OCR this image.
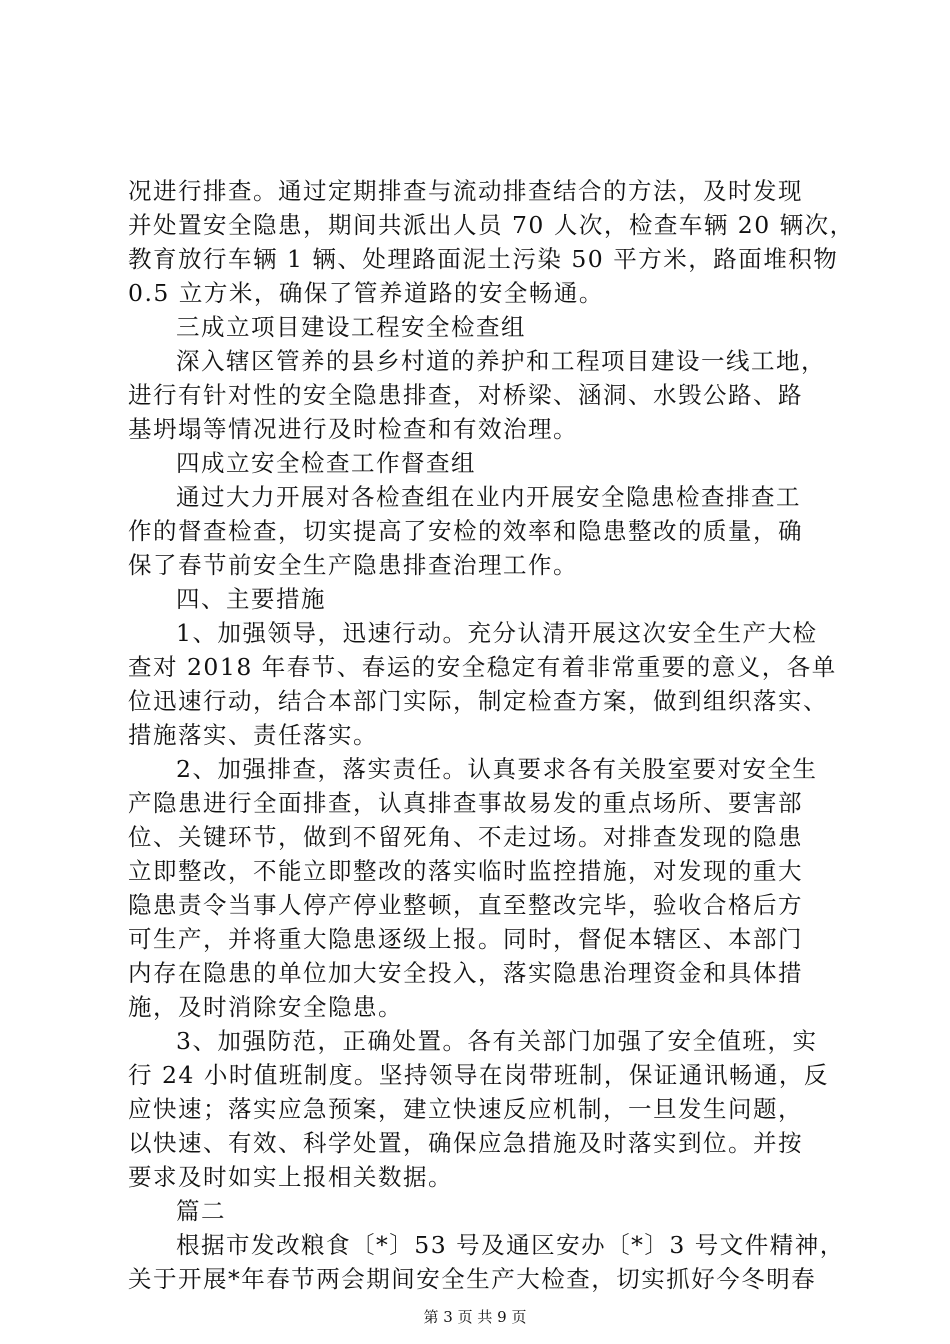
况进行排查。通过定期排查与流动排查结合的方法，及时发现
并处置安全隐患，期间共派出人员 70 人次，检查车辆 20 辆次，
教育放行车辆 1 辆、处理路面泥土污染 50 平方米，路面堆积物
0.5 立方米，确保了管养道路的安全畅通。
三成立项目建设工程安全检查组
深入辖区管养的县乡村道的养护和工程项目建设一线工地，
进行有针对性的安全隐患排查，对桥梁、涵洞、水毁公路、路
基坍塌等情况进行及时检查和有效治理。
四成立安全检查工作督查组
通过大力开展对各检查组在业内开展安全隐患检查排查工
作的督查检查，切实提高了安检的效率和隐患整改的质量，确
保了春节前安全生产隐患排查治理工作。
四、主要措施
1、加强领导，迅速行动。充分认清开展这次安全生产大检
查对 2018 年春节、春运的安全稳定有着非常重要的意义，各单
位迅速行动，结合本部门实际，制定检查方案，做到组织落实、
措施落实、责任落实。
2、加强排查，落实责任。认真要求各有关股室要对安全生
产隐患进行全面排查，认真排查事故易发的重点场所、要害部
位、关键环节，做到不留死角、不走过场。对排查发现的隐患
立即整改，不能立即整改的落实临时监控措施，对发现的重大
隐患责令当事人停产停业整顿，直至整改完毕，验收合格后方
可生产，并将重大隐患逐级上报。同时，督促本辖区、本部门
内存在隐患的单位加大安全投入，落实隐患治理资金和具体措
施，及时消除安全隐患。
3、加强防范，正确处置。各有关部门加强了安全值班，实
行 24 小时值班制度。坚持领导在岗带班制，保证通讯畅通，反
应快速；落实应急预案，建立快速反应机制，一旦发生问题，
以快速、有效、科学处置，确保应急措施及时落实到位。并按
要求及时如实上报相关数据。
篇二
根据市发改粮食〔*〕53 号及通区安办〔*〕3 号文件精神，
关于开展*年春节两会期间安全生产大检查，切实抓好今冬明春
第 3 页 共 9 页
